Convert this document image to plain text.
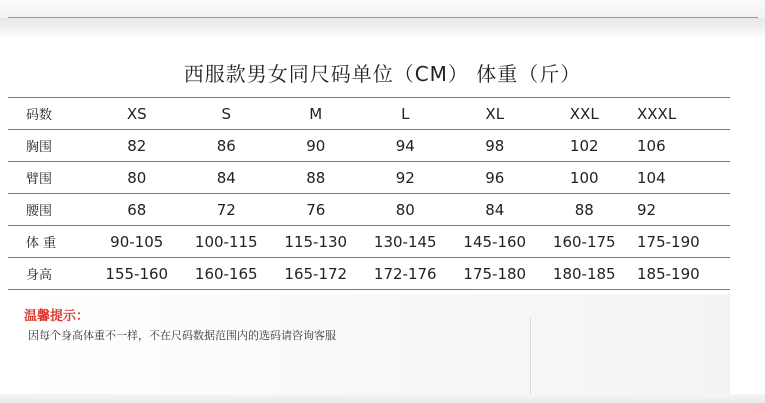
西服款男女同尺码单位（CM） 体重（斤）
码数	XS	S	M	L	XL	XXL	XXXL
胸围	82	86	90	94	98	102	106
臂围	80	84	88	92	96	100	104
腰围	68	72	76	80	84	88	92
体 重	90-105	100-115	115-130	130-145	145-160	160-175	175-190
身高	155-160	160-165	165-172	172-176	175-180	180-185	185-190
温馨提示：
因每个身高体重不一样，不在尺码数据范围内的选码请咨询客服
